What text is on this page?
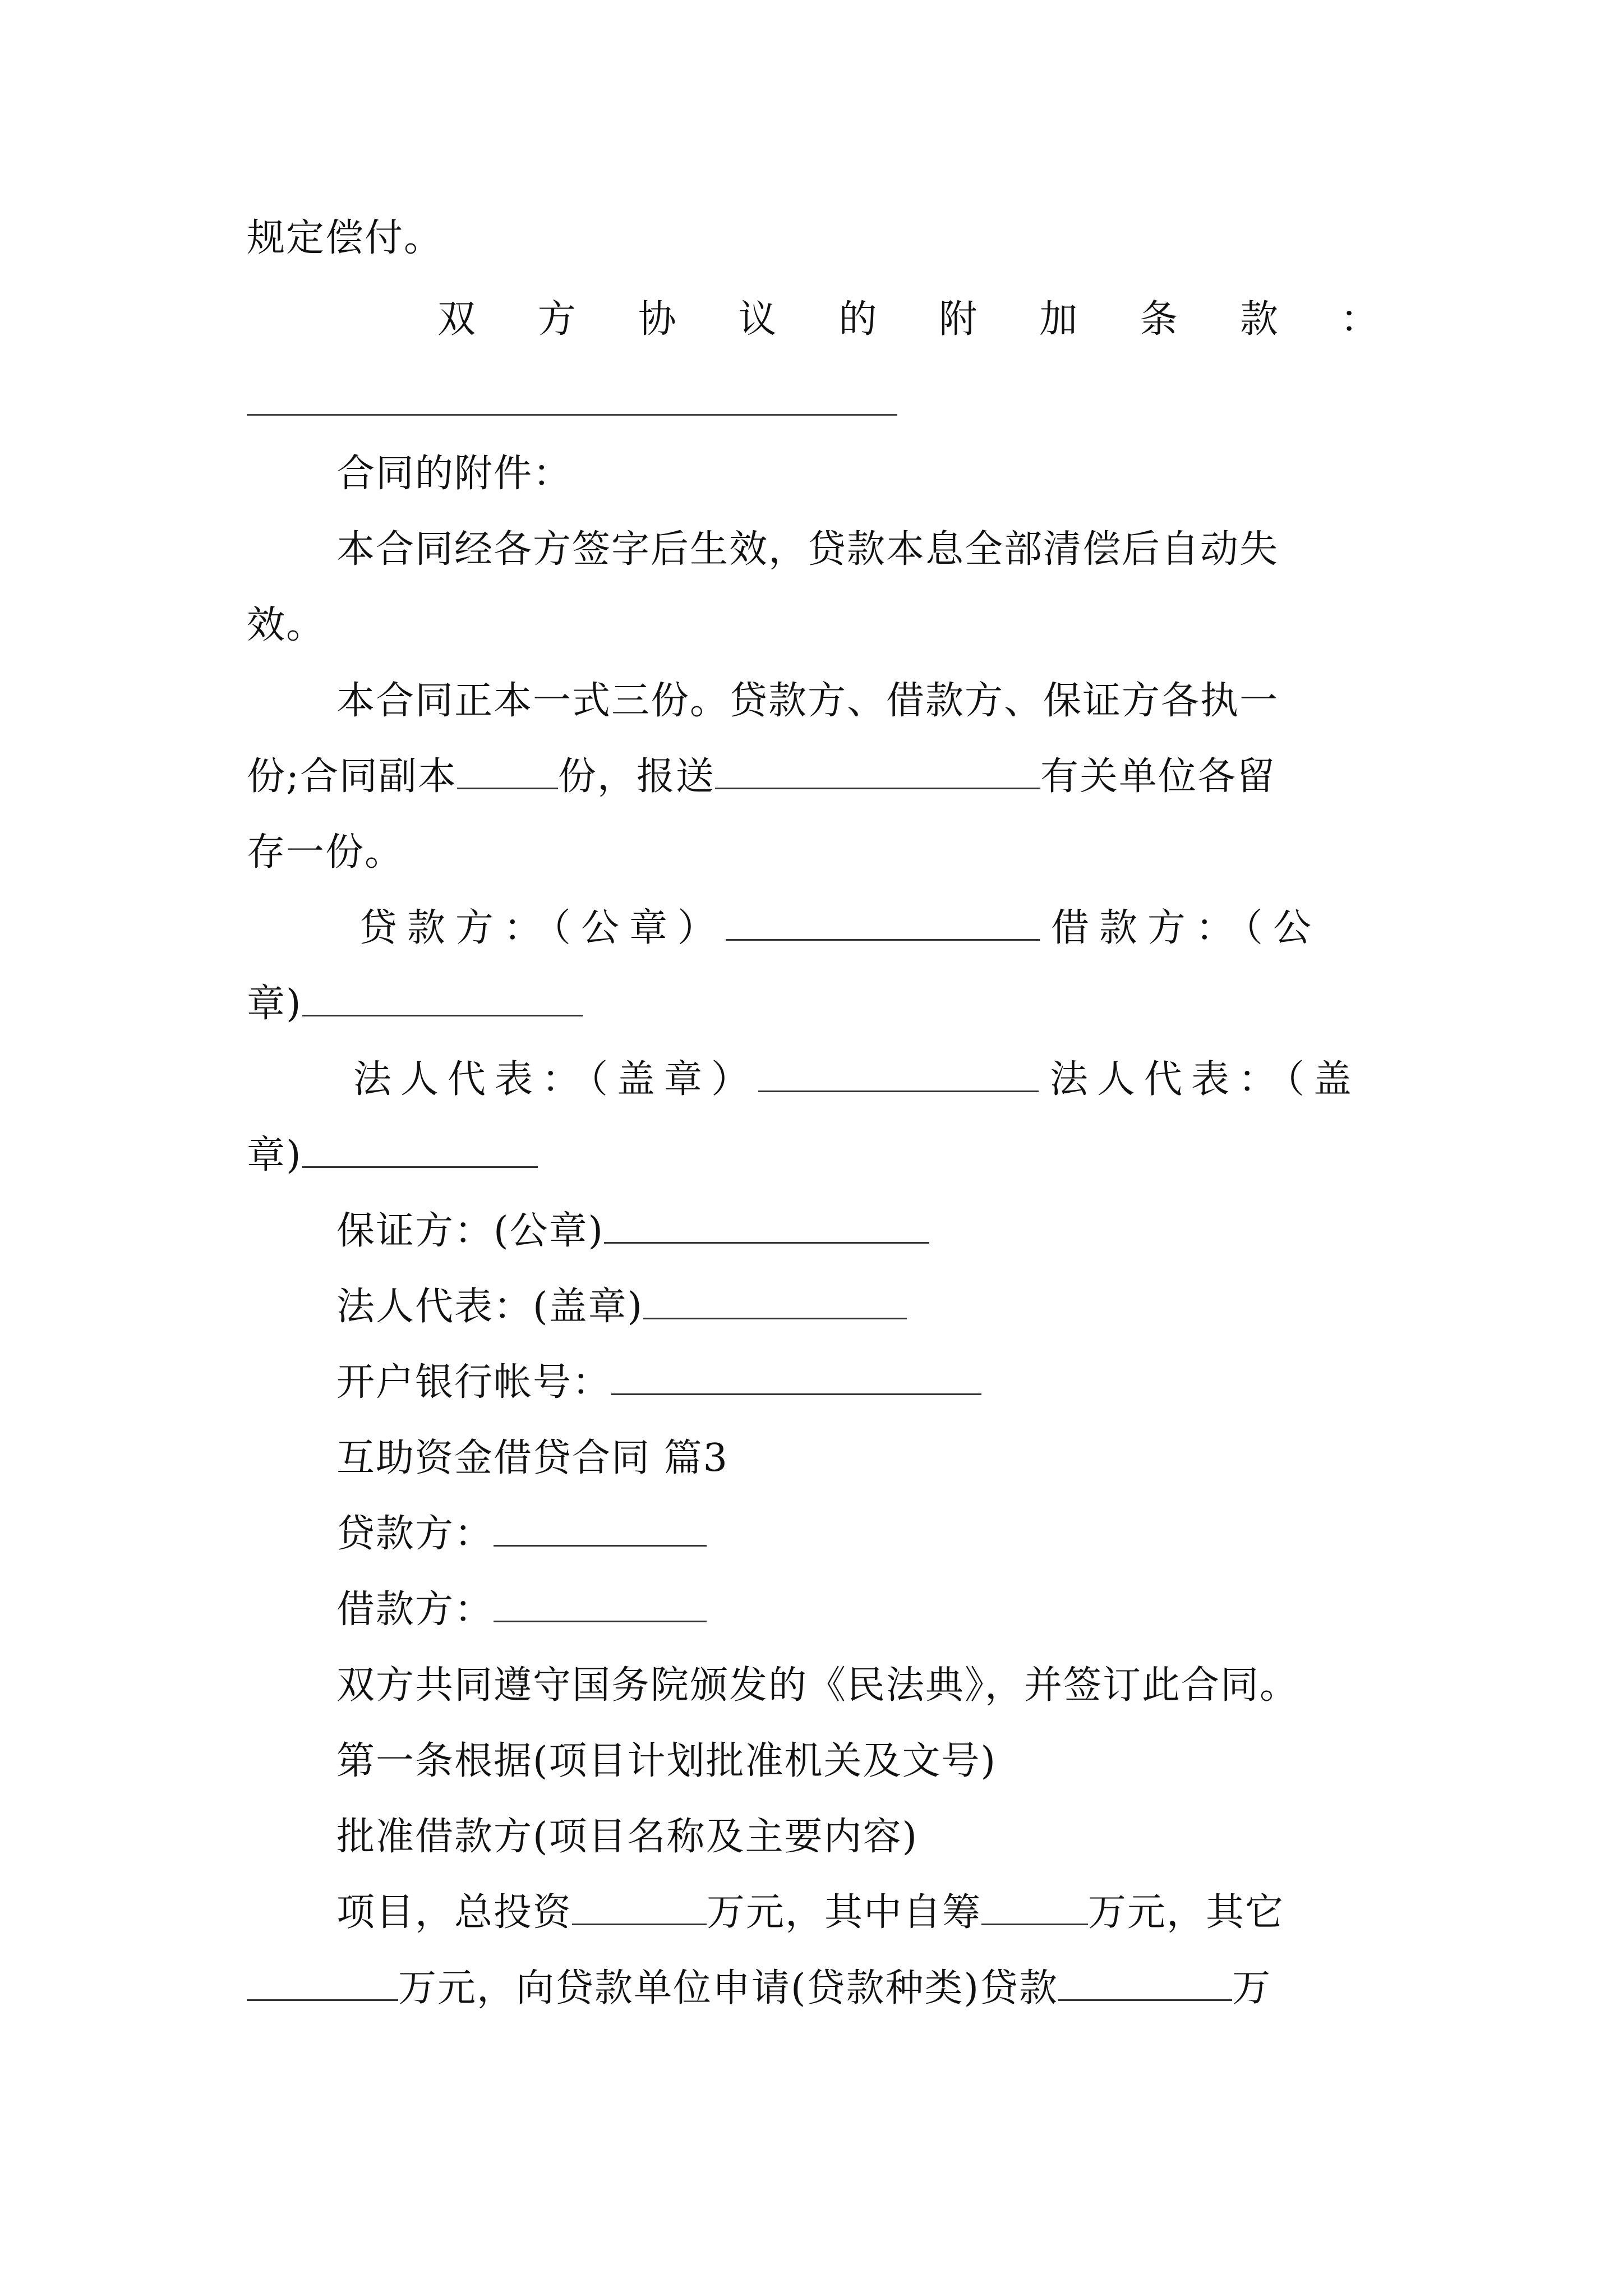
规定偿付。
双 方 协 议 的 附 加 条 款 ：
合同的附件：
本合同经各方签字后生效，贷款本息全部清偿后自动失
效。
本合同正本一式三份。贷款方、借款方、保证方各执一
份;合同副本	份，报送	有关单位各留
存一份。
贷款方：（公章）	借款方：（公
章)
法人代表：（盖章）	法人代表：（盖
章)
保证方：(公章)
法人代表：(盖章)
开户银行帐号：
互助资金借贷合同 篇3
贷款方：
借款方：
双方共同遵守国务院颁发的《民法典》，并签订此合同。
第一条根据(项目计划批准机关及文号)
批准借款方(项目名称及主要内容)
项目，总投资	万元，其中自筹	万元，其它
万元，向贷款单位申请(贷款种类)贷款	万
